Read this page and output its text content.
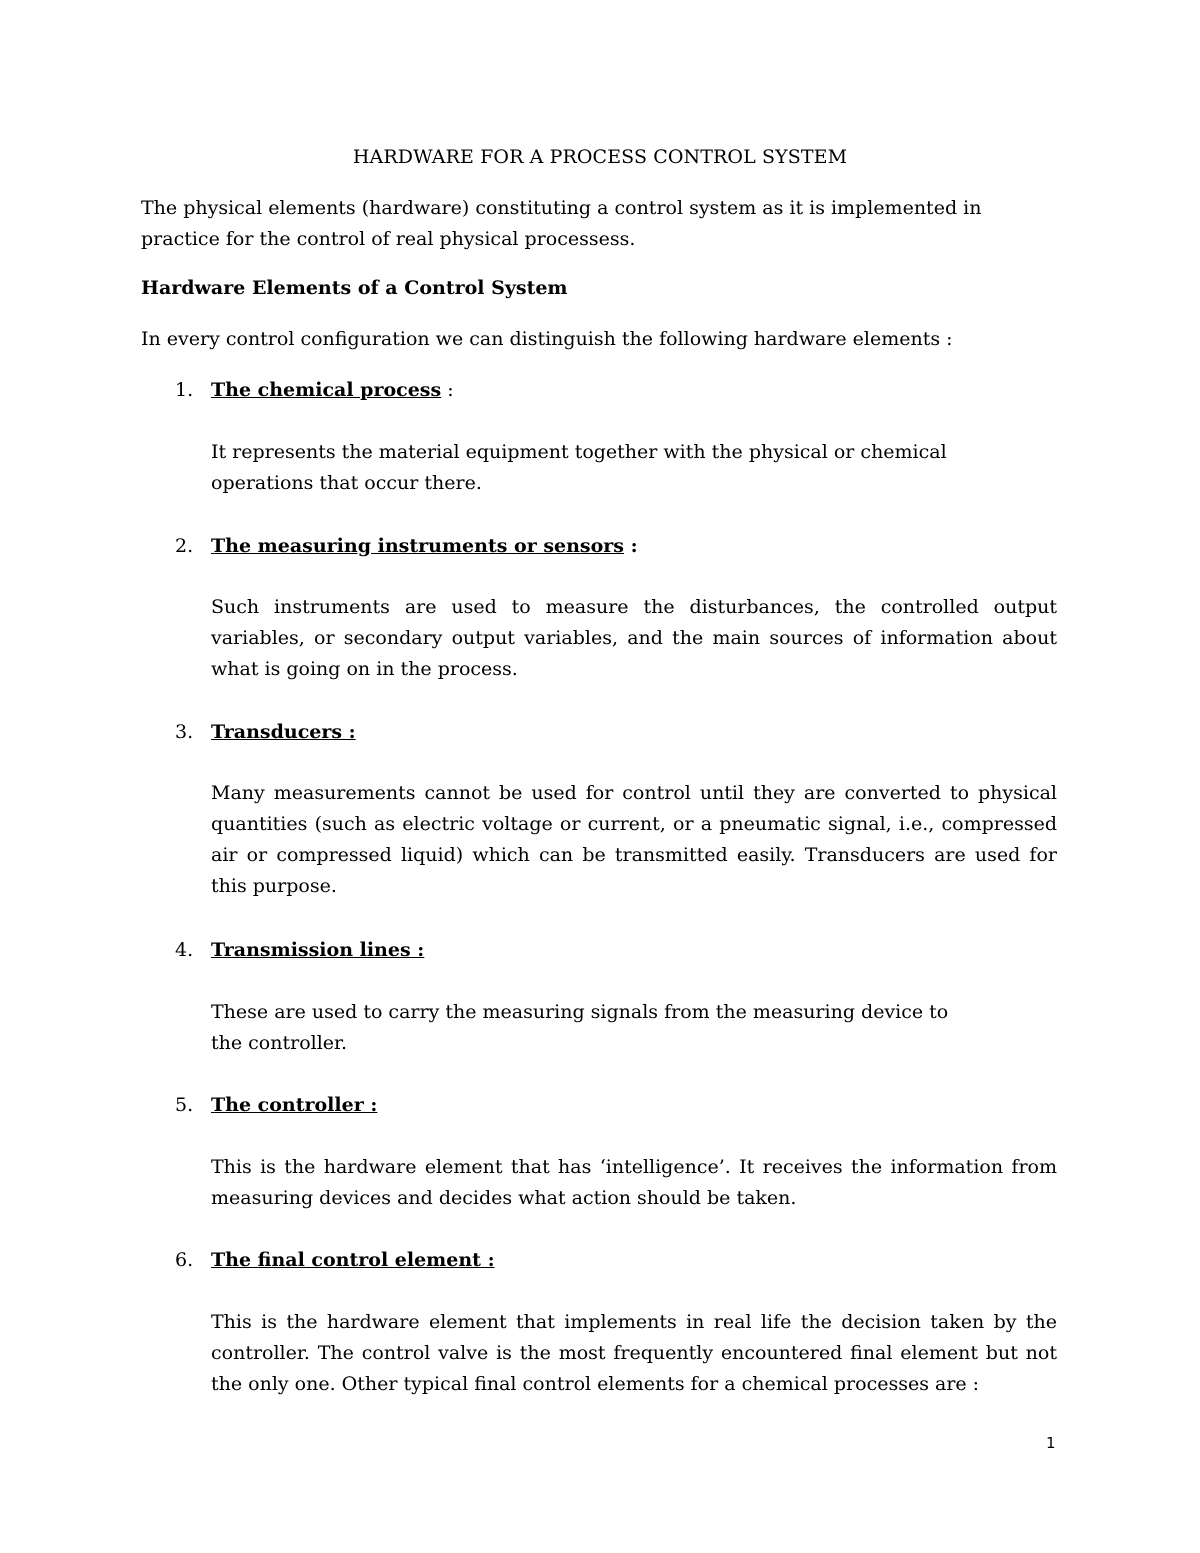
HARDWARE FOR A PROCESS CONTROL SYSTEM
The physical elements (hardware) constituting a control system as it is implemented in practice for the control of real physical processess.
Hardware Elements of a Control System
In every control configuration we can distinguish the following hardware elements :
1. The chemical process :
It represents the material equipment together with the physical or chemical operations that occur there.
2. The measuring instruments or sensors :
Such instruments are used to measure the disturbances, the controlled output variables, or secondary output variables, and the main sources of information about what is going on in the process.
3. Transducers :
Many measurements cannot be used for control until they are converted to physical quantities (such as electric voltage or current, or a pneumatic signal, i.e., compressed air or compressed liquid) which can be transmitted easily. Transducers are used for this purpose.
4. Transmission lines :
These are used to carry the measuring signals from the measuring device to the controller.
5. The controller :
This is the hardware element that has ‘intelligence’. It receives the information from measuring devices and decides what action should be taken.
6. The final control element :
This is the hardware element that implements in real life the decision taken by the controller. The control valve is the most frequently encountered final element but not the only one. Other typical final control elements for a chemical processes are :
1
